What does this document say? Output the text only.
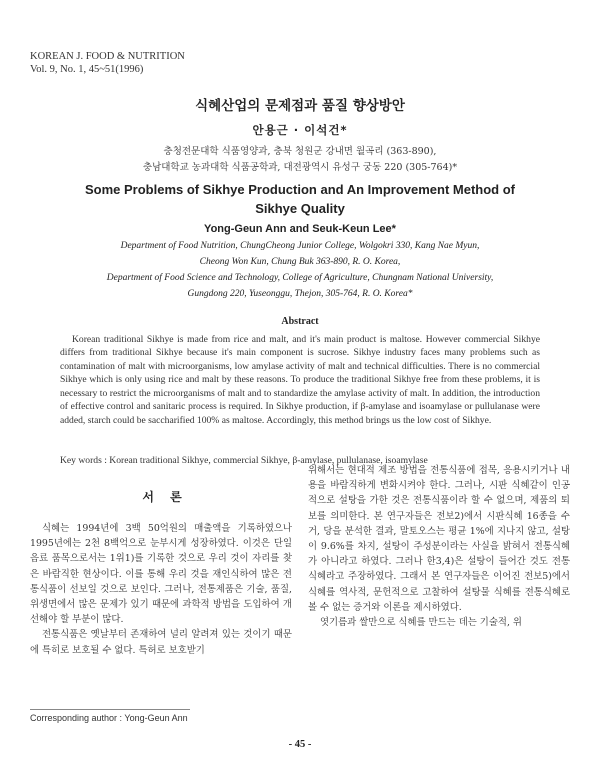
KOREAN J. FOOD & NUTRITION
Vol. 9, No. 1, 45~51(1996)
식혜산업의 문제점과 품질 향상방안
안용근 · 이석건*
충청전문대학 식품영양과, 충북 청원군 강내면 월곡리 (363-890),
충남대학교 농과대학 식품공학과, 대전광역시 유성구 궁동 220 (305-764)*
Some Problems of Sikhye Production and An Improvement Method of
Sikhye Quality
Yong-Geun Ann and Seuk-Keun Lee*
Department of Food Nutrition, ChungCheong Junior College, Wolgokri 330, Kang Nae Myun,
Cheong Won Kun, Chung Buk 363-890, R. O. Korea,
Department of Food Science and Technology, College of Agriculture, Chungnam National University,
Gungdong 220, Yuseonggu, Thejon, 305-764, R. O. Korea*
Abstract
Korean traditional Sikhye is made from rice and malt, and it's main product is maltose. However commercial Sikhye differs from traditional Sikhye because it's main component is sucrose. Sikhye industry faces many problems such as contamination of malt with microorganisms, low amylase activity of malt and technical difficulties. There is no commercial Sikhye which is only using rice and malt by these reasons. To produce the traditional Sikhye free from these problems, it is necessary to restrict the microorganisms of malt and to standardize the amylase activity of malt. In addition, the introduction of effective control and sanitaric process is required. In Sikhye production, if β-amylase and isoamylase or pullulanase were added, starch could be saccharified 100% as maltose. Accordingly, this method brings us the low cost of Sikhye.
Key words : Korean traditional Sikhye, commercial Sikhye, β-amylase, pullulanase, isoamylase
서 론

식혜는 1994년에 3백 50억원의 매출액을 기록하였으나 1995년에는 2천 8백억으로 눈부시게 성장하였다. 이것은 단일 음료 품목으로서는 1위1)를 기록한 것으로 우리 것이 자리를 찾은 바람직한 현상이다. 이를 통해 우리 것을 재인식하여 많은 전통식품이 선보일 것으로 보인다. 그러나, 전통제품은 기술, 품질, 위생면에서 많은 문제가 있기 때문에 과학적 방법을 도입하여 개선해야 할 부분이 많다.

전통식품은 옛날부터 존재하여 널리 알려져 있는 것이기 때문에 특히로 보호될 수 없다. 특허로 보호받기

위해서는 현대적 제조 방법을 전통식품에 접목, 응용시키거나 내용을 바람직하게 변화시켜야 한다. 그러나, 시판 식혜같이 인공적으로 설탕을 가한 것은 전통식품이라 할 수 없으며, 제품의 퇴보를 의미한다. 본 연구자들은 전보2)에서 시판식혜 16종을 수거, 당을 분석한 결과, 말토오스는 평균 1%에 지나지 않고, 설탕이 9.6%를 차지, 설탕이 주성분이라는 사실을 밝혀서 전통식혜가 아니라고 하였다. 그러나 한3,4)은 설탕이 들어간 것도 전통식혜라고 주장하였다. 그래서 본 연구자들은 이어진 전보5)에서 식혜를 역사적, 문헌적으로 고찰하여 설탕물 식혜를 전통식혜로 볼 수 없는 증거와 이론을 제시하였다.

엿기름과 쌀만으로 식혜를 만드는 데는 기술적, 위

Corresponding author : Yong-Geun Ann
- 45 -
